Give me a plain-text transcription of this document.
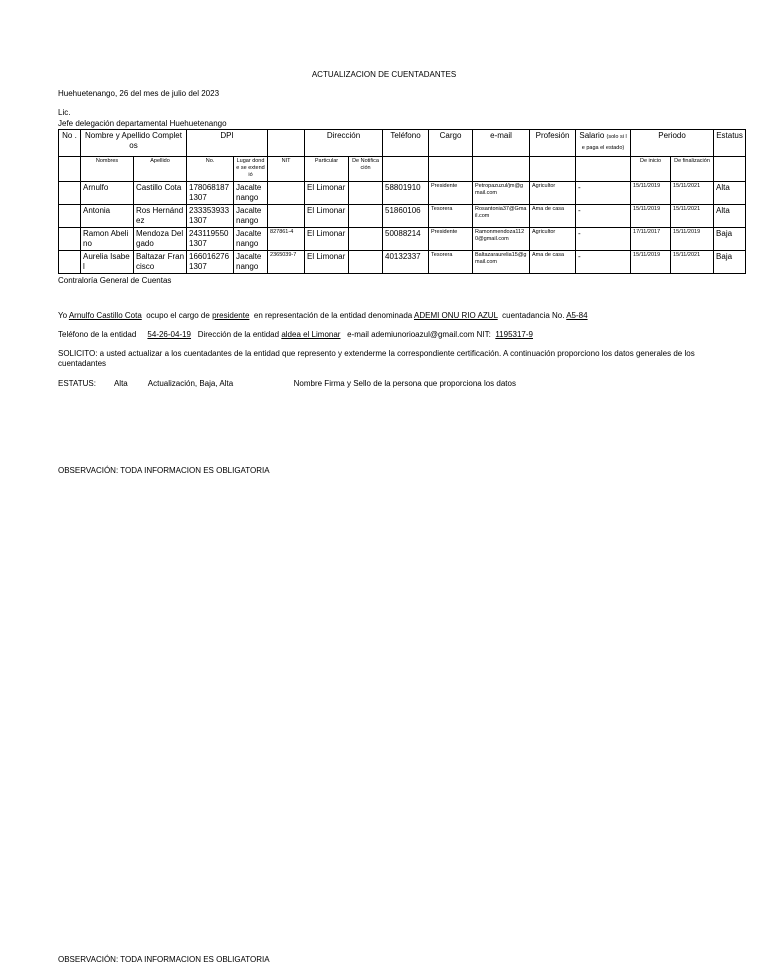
ACTUALIZACION DE CUENTADANTES
Huehuetenango, 26 del mes de julio del 2023
Lic.
Jefe delegación departamental Huehuetenango
No .	Nombre y Apellido Completos		DPI			Dirección		Teléfono	Cargo	e-mail	Profesión	Salario (solo si le paga el estado)	Periodo		Estatus
	Nombres	Apellido	No.	Lugar donde se extendió	NIT	Particular	De Notificación						De inicio	De finalización	
	Arnulfo	Castillo Cota	1780681871307	Jacaltenango		El Limonar		58801910	Presidente	Petropazuzul/jm@gmail.com	Agricultor	-	15/11/2019	15/11/2021	Alta
	Antonia	Ros Hernández	2333539331307	Jacaltenango		El Limonar		51860106	Tesorera	Rosantonia37@Gmail.com	Ama de casa	-	15/11/2019	15/11/2021	Alta
	Ramon Abelino	Mendoza Delgado	2431195501307	Jacaltenango	827861-4	El Limonar		50088214	Presidente	Ramonmendoza1120@gmail.com	Agricultor	-	17/11/2017	15/11/2019	Baja
	Aurelia Isabel	Baltazar Francisco	1660162761307	Jacaltenango	2365039-7	El Limonar		40132337	Tesorera	Baltazaraurelia15@gmail.com	Ama de casa	-	15/11/2019	15/11/2021	Baja
Contraloría General de Cuentas
Yo Arnulfo Castillo Cota ocupo el cargo de presidente en representación de la entidad denominada ADEMI ONU RIO AZUL cuentadancia No. A5-84
Teléfono de la entidad 54-26-04-19 Dirección de la entidad aldea el Limonar e-mail ademiunorioazul@gmail.com NIT: 1195317-9
SOLICITO: a usted actualizar a los cuentadantes de la entidad que represento y extenderme la correspondiente certificación. A continuación proporciono los datos generales de los cuentadantes
ESTATUS: Alta	Actualización, Baja, Alta	Nombre Firma y Sello de la persona que proporciona los datos
OBSERVACIÓN: TODA INFORMACION ES OBLIGATORIA
OBSERVACIÓN: TODA INFORMACION ES OBLIGATORIA
